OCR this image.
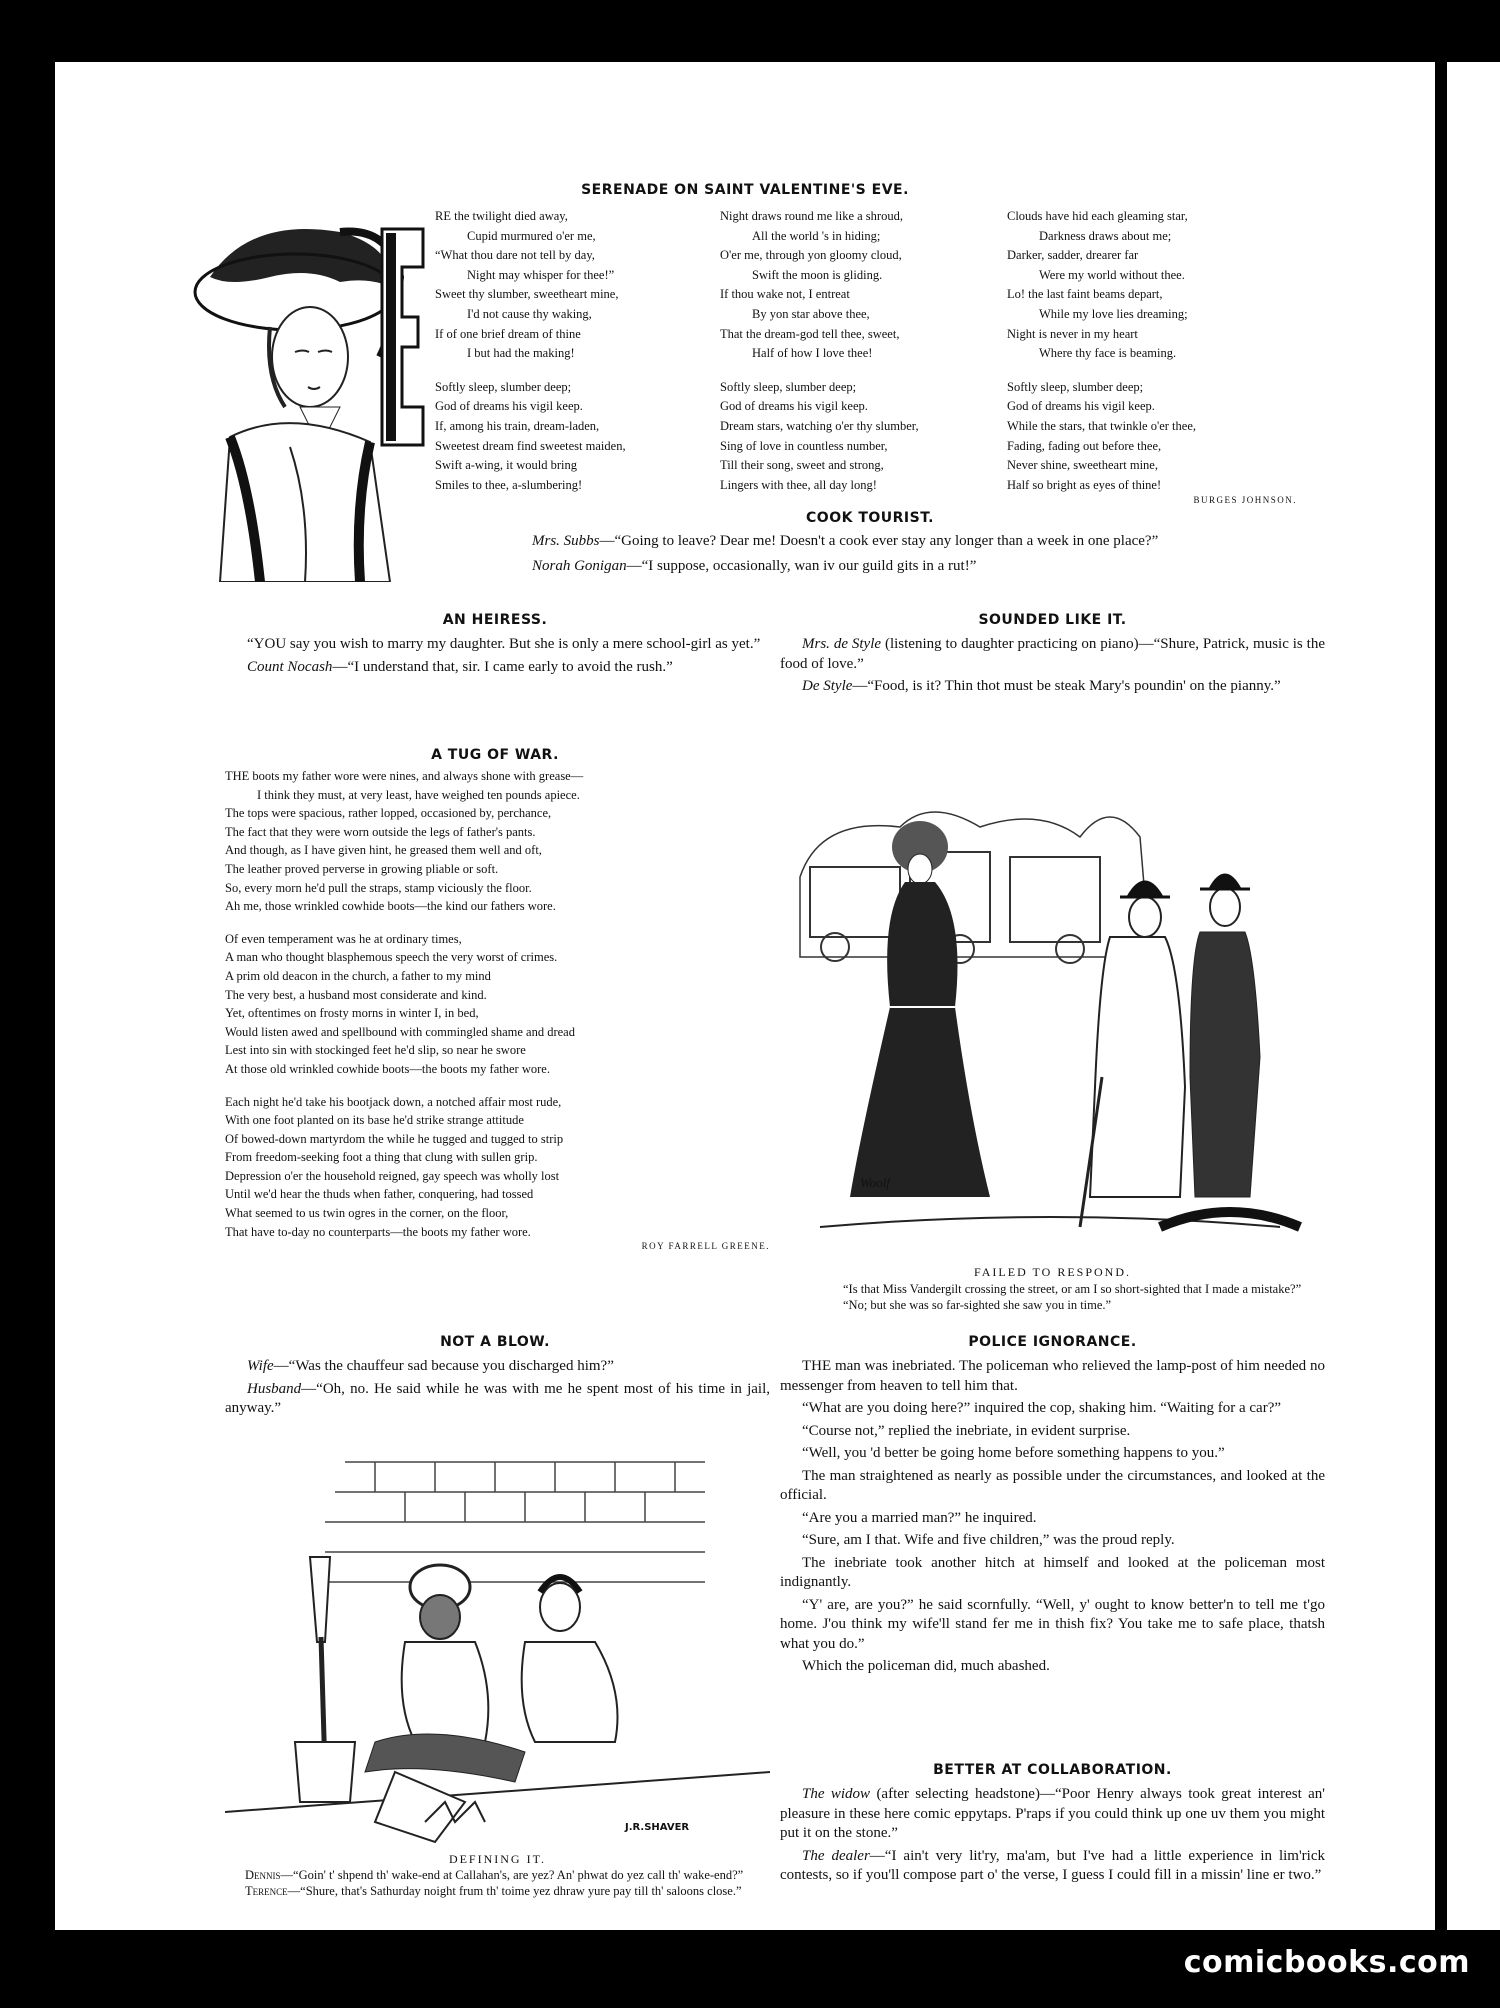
SERENADE ON SAINT VALENTINE'S EVE.
RE the twilight died away,
Cupid murmured o'er me,
“What thou dare not tell by day,
Night may whisper for thee!”
Sweet thy slumber, sweetheart mine,
I'd not cause thy waking,
If of one brief dream of thine
I but had the making!
Softly sleep, slumber deep;
God of dreams his vigil keep.
If, among his train, dream-laden,
Sweetest dream find sweetest maiden,
Swift a-wing, it would bring
Smiles to thee, a-slumbering!
Night draws round me like a shroud,
All the world 's in hiding;
O'er me, through yon gloomy cloud,
Swift the moon is gliding.
If thou wake not, I entreat
By yon star above thee,
That the dream-god tell thee, sweet,
Half of how I love thee!
Softly sleep, slumber deep;
God of dreams his vigil keep.
Dream stars, watching o'er thy slumber,
Sing of love in countless number,
Till their song, sweet and strong,
Lingers with thee, all day long!
Clouds have hid each gleaming star,
Darkness draws about me;
Darker, sadder, drearer far
Were my world without thee.
Lo! the last faint beams depart,
While my love lies dreaming;
Night is never in my heart
Where thy face is beaming.
Softly sleep, slumber deep;
God of dreams his vigil keep.
While the stars, that twinkle o'er thee,
Fading, fading out before thee,
Never shine, sweetheart mine,
Half so bright as eyes of thine!
BURGES JOHNSON.
COOK TOURIST.

Mrs. Subbs—“Going to leave? Dear me! Doesn't a cook ever stay any longer than a week in one place?”

Norah Gonigan—“I suppose, occasionally, wan iv our guild gits in a rut!”

AN HEIRESS.

“YOU say you wish to marry my daughter. But she is only a mere school-girl as yet.”

Count Nocash—“I understand that, sir. I came early to avoid the rush.”

SOUNDED LIKE IT.

Mrs. de Style (listening to daughter practicing on piano)—“Shure, Patrick, music is the food of love.”

De Style—“Food, is it? Thin thot must be steak Mary's poundin' on the pianny.”

A TUG OF WAR.
THE boots my father wore were nines, and always shone with grease—
I think they must, at very least, have weighed ten pounds apiece.
The tops were spacious, rather lopped, occasioned by, perchance,
The fact that they were worn outside the legs of father's pants.
And though, as I have given hint, he greased them well and oft,
The leather proved perverse in growing pliable or soft.
So, every morn he'd pull the straps, stamp viciously the floor.
Ah me, those wrinkled cowhide boots—the kind our fathers wore.
Of even temperament was he at ordinary times,
A man who thought blasphemous speech the very worst of crimes.
A prim old deacon in the church, a father to my mind
The very best, a husband most considerate and kind.
Yet, oftentimes on frosty morns in winter I, in bed,
Would listen awed and spellbound with commingled shame and dread
Lest into sin with stockinged feet he'd slip, so near he swore
At those old wrinkled cowhide boots—the boots my father wore.
Each night he'd take his bootjack down, a notched affair most rude,
With one foot planted on its base he'd strike strange attitude
Of bowed-down martyrdom the while he tugged and tugged to strip
From freedom-seeking foot a thing that clung with sullen grip.
Depression o'er the household reigned, gay speech was wholly lost
Until we'd hear the thuds when father, conquering, had tossed
What seemed to us twin ogres in the corner, on the floor,
That have to-day no counterparts—the boots my father wore.
ROY FARRELL GREENE.
Woolf
FAILED TO RESPOND.

“Is that Miss Vandergilt crossing the street, or am I so short-sighted that I made a mistake?”

“No; but she was so far-sighted she saw you in time.”

NOT A BLOW.

Wife—“Was the chauffeur sad because you discharged him?”

Husband—“Oh, no. He said while he was with me he spent most of his time in jail, anyway.”

J.R.SHAVER
DEFINING IT.

Dennis—“Goin' t' shpend th' wake-end at Callahan's, are yez? An' phwat do yez call th' wake-end?”

Terence—“Shure, that's Sathurday noight frum th' toime yez dhraw yure pay till th' saloons close.”

POLICE IGNORANCE.

THE man was inebriated. The policeman who relieved the lamp-post of him needed no messenger from heaven to tell him that.

“What are you doing here?” inquired the cop, shaking him. “Waiting for a car?”

“Course not,” replied the inebriate, in evident surprise.

“Well, you 'd better be going home before something happens to you.”

The man straightened as nearly as possible under the circumstances, and looked at the official.

“Are you a married man?” he inquired.

“Sure, am I that. Wife and five children,” was the proud reply.

The inebriate took another hitch at himself and looked at the policeman most indignantly.

“Y' are, are you?” he said scornfully. “Well, y' ought to know better'n to tell me t'go home. J'ou think my wife'll stand fer me in thish fix? You take me to safe place, thatsh what you do.”

Which the policeman did, much abashed.

BETTER AT COLLABORATION.

The widow (after selecting headstone)—“Poor Henry always took great interest an' pleasure in these here comic eppytaps. P'raps if you could think up one uv them you might put it on the stone.”

The dealer—“I ain't very lit'ry, ma'am, but I've had a little experience in lim'rick contests, so if you'll compose part o' the verse, I guess I could fill in a missin' line er two.”

comicbooks.com
